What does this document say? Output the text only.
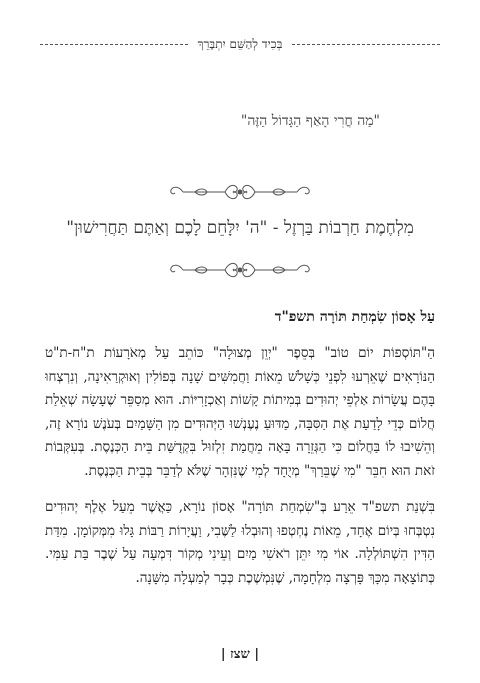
בְּכִיד לְהַשֵּׁם יִתְבָּרֵךְ
"מַה חֳרִי הָאַף הַגָּדוֹל הַזֶּה"
מִלְחֶמֶת חַרְבוֹת בַּרְזֶל - "ה' יִלָּחֵם לָכֶם וְאַתֶּם תַּחֲרִישׁוּן"
עַל אָסוֹן שִׂמְחַת תּוֹרָה תשפ"ד
הַ"תּוֹסְפוֹת יוֹם טוֹב" בְּסֵפֶר "יְוֵן מְצוּלָה" כּוֹתֵב עַל מְאֹרָעוֹת ת"ח-ת"ט הַנּוֹרָאִים שֶׁאֵרְעוּ לִפְנֵי כְּשָׁלֹשׁ מֵאוֹת וַחֲמִשִּׁים שָׁנָה בְּפוֹלִין וְאוּקְרַאִינָה, וְנִרְצְחוּ בָּהֶם עֲשָׂרוֹת אַלְפֵי יְהוּדִים בְּמִיתוֹת קָשׁוֹת וְאַכְזָרִיּוֹת. הוּא מְסַפֵּר שֶׁעָשָׂה שְׁאֵלַת חֲלוֹם כְּדֵי לָדַעַת אֶת הַסִּבָּה, מַדּוּעַ נֶעֶנְשׁוּ הַיְּהוּדִים מִן הַשָּׁמַיִם בְּעֹנֶשׁ נוֹרָא זֶה, וְהֵשִׁיבוּ לוֹ בַּחֲלוֹם כִּי הַגְּזֵרָה בָּאָה מֵחֲמַת זִלְזוּל בִּקְדֻשַּׁת בֵּית הַכְּנֶסֶת. בְּעִקְּבוֹת זֹאת הוּא חִבֵּר "מִי שֶׁבֵּרַךְ" מְיֻחָד לְמִי שֶׁנִּזְהָר שֶׁלֹּא לְדַבֵּר בְּבֵית הַכְּנֶסֶת.
בִּשְׁנַת תשפ"ד אֵרַע בְּ"שִׂמְחַת תּוֹרָה" אָסוֹן נוֹרָא, כַּאֲשֶׁר מֵעַל אֶלֶף יְהוּדִים נִטְבְּחוּ בְּיוֹם אֶחָד, מֵאוֹת נֶחְטְפוּ וְהוּבְלוּ לַשֶּׁבִי, וַעֲיָרוֹת רַבּוֹת גָּלוּ מִמְּקוֹמָן. מִדַּת הַדִּין הִשְׁתּוֹלְלָה. אוֹי מִי יִתֵּן רֹאשִׁי מַיִם וְעֵינִי מְקוֹר דִּמְעָה עַל שֶׁבֶר בַּת עַמִּי. כְּתוֹצָאָה מִכָּךְ פָּרְצָה מִלְחָמָה, שֶׁנִּמְשֶׁכֶת כְּבָר לְמַעְלָה מִשָּׁנָה.
| שצז |
